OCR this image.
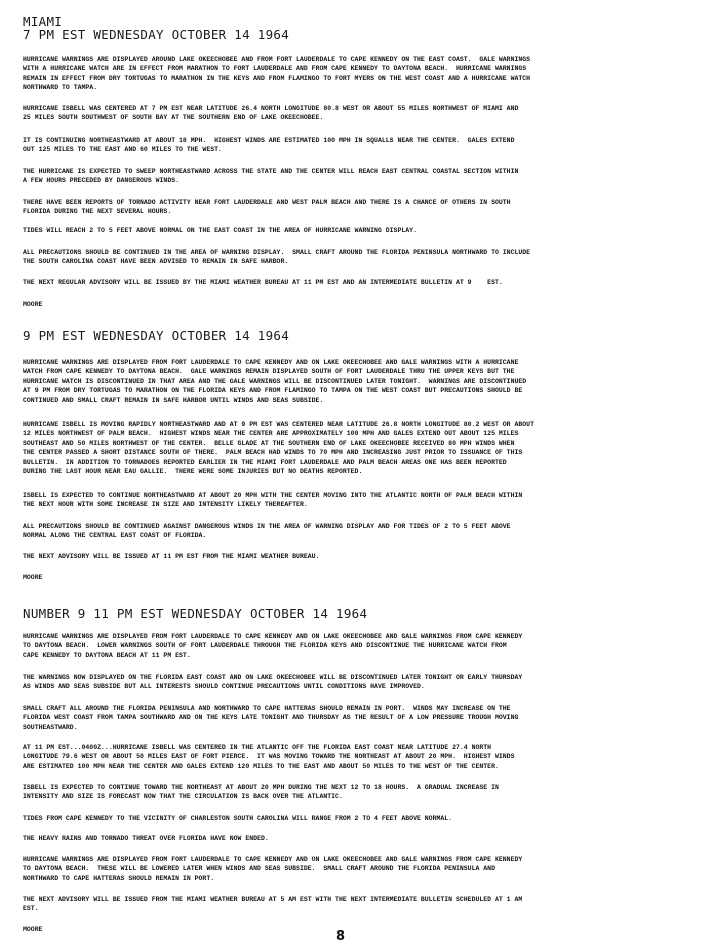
MIAMI
7 PM EST WEDNESDAY OCTOBER 14 1964
HURRICANE WARNINGS ARE DISPLAYED AROUND LAKE OKEECHOBEE AND FROM FORT LAUDERDALE TO CAPE KENNEDY ON THE EAST COAST.  GALE WARNINGS
WITH A HURRICANE WATCH ARE IN EFFECT FROM MARATHON TO FORT LAUDERDALE AND FROM CAPE KENNEDY TO DAYTONA BEACH.  HURRICANE WARNINGS
REMAIN IN EFFECT FROM DRY TORTUGAS TO MARATHON IN THE KEYS AND FROM FLAMINGO TO FORT MYERS ON THE WEST COAST AND A HURRICANE WATCH
NORTHWARD TO TAMPA.
HURRICANE ISBELL WAS CENTERED AT 7 PM EST NEAR LATITUDE 26.4 NORTH LONGITUDE 80.8 WEST OR ABOUT 55 MILES NORTHWEST OF MIAMI AND
25 MILES SOUTH SOUTHWEST OF SOUTH BAY AT THE SOUTHERN END OF LAKE OKEECHOBEE.
IT IS CONTINUING NORTHEASTWARD AT ABOUT 18 MPH.  HIGHEST WINDS ARE ESTIMATED 100 MPH IN SQUALLS NEAR THE CENTER.  GALES EXTEND
OUT 125 MILES TO THE EAST AND 60 MILES TO THE WEST.
THE HURRICANE IS EXPECTED TO SWEEP NORTHEASTWARD ACROSS THE STATE AND THE CENTER WILL REACH EAST CENTRAL COASTAL SECTION WITHIN
A FEW HOURS PRECEDED BY DANGEROUS WINDS.
THERE HAVE BEEN REPORTS OF TORNADO ACTIVITY NEAR FORT LAUDERDALE AND WEST PALM BEACH AND THERE IS A CHANCE OF OTHERS IN SOUTH
FLORIDA DURING THE NEXT SEVERAL HOURS.
TIDES WILL REACH 2 TO 5 FEET ABOVE NORMAL ON THE EAST COAST IN THE AREA OF HURRICANE WARNING DISPLAY.
ALL PRECAUTIONS SHOULD BE CONTINUED IN THE AREA OF WARNING DISPLAY.  SMALL CRAFT AROUND THE FLORIDA PENINSULA NORTHWARD TO INCLUDE
THE SOUTH CAROLINA COAST HAVE BEEN ADVISED TO REMAIN IN SAFE HARBOR.
THE NEXT REGULAR ADVISORY WILL BE ISSUED BY THE MIAMI WEATHER BUREAU AT 11 PM EST AND AN INTERMEDIATE BULLETIN AT 9    EST.
MOORE
9 PM EST WEDNESDAY OCTOBER 14 1964
HURRICANE WARNINGS ARE DISPLAYED FROM FORT LAUDERDALE TO CAPE KENNEDY AND ON LAKE OKEECHOBEE AND GALE WARNINGS WITH A HURRICANE
WATCH FROM CAPE KENNEDY TO DAYTONA BEACH.  GALE WARNINGS REMAIN DISPLAYED SOUTH OF FORT LAUDERDALE THRU THE UPPER KEYS BUT THE
HURRICANE WATCH IS DISCONTINUED IN THAT AREA AND THE GALE WARNINGS WILL BE DISCONTINUED LATER TONIGHT.  WARNINGS ARE DISCONTINUED
AT 9 PM FROM DRY TORTUGAS TO MARATHON ON THE FLORIDA KEYS AND FROM FLAMINGO TO TAMPA ON THE WEST COAST BUT PRECAUTIONS SHOULD BE
CONTINUED AND SMALL CRAFT REMAIN IN SAFE HARBOR UNTIL WINDS AND SEAS SUBSIDE.
HURRICANE ISBELL IS MOVING RAPIDLY NORTHEASTWARD AND AT 9 PM EST WAS CENTERED NEAR LATITUDE 26.8 NORTH LONGITUDE 80.2 WEST OR ABOUT
12 MILES NORTHWEST OF PALM BEACH.  HIGHEST WINDS NEAR THE CENTER ARE APPROXIMATELY 100 MPH AND GALES EXTEND OUT ABOUT 125 MILES
SOUTHEAST AND 50 MILES NORTHWEST OF THE CENTER.  BELLE GLADE AT THE SOUTHERN END OF LAKE OKEECHOBEE RECEIVED 80 MPH WINDS WHEN
THE CENTER PASSED A SHORT DISTANCE SOUTH OF THERE.  PALM BEACH HAD WINDS TO 70 MPH AND INCREASING JUST PRIOR TO ISSUANCE OF THIS
BULLETIN.  IN ADDITION TO TORNADOES REPORTED EARLIER IN THE MIAMI FORT LAUDERDALE AND PALM BEACH AREAS ONE HAS BEEN REPORTED
DURING THE LAST HOUR NEAR EAU GALLIE.  THERE WERE SOME INJURIES BUT NO DEATHS REPORTED.
ISBELL IS EXPECTED TO CONTINUE NORTHEASTWARD AT ABOUT 20 MPH WITH THE CENTER MOVING INTO THE ATLANTIC NORTH OF PALM BEACH WITHIN
THE NEXT HOUR WITH SOME INCREASE IN SIZE AND INTENSITY LIKELY THEREAFTER.
ALL PRECAUTIONS SHOULD BE CONTINUED AGAINST DANGEROUS WINDS IN THE AREA OF WARNING DISPLAY AND FOR TIDES OF 2 TO 5 FEET ABOVE
NORMAL ALONG THE CENTRAL EAST COAST OF FLORIDA.
THE NEXT ADVISORY WILL BE ISSUED AT 11 PM EST FROM THE MIAMI WEATHER BUREAU.
MOORE
NUMBER 9 11 PM EST WEDNESDAY OCTOBER 14 1964
HURRICANE WARNINGS ARE DISPLAYED FROM FORT LAUDERDALE TO CAPE KENNEDY AND ON LAKE OKEECHOBEE AND GALE WARNINGS FROM CAPE KENNEDY
TO DAYTONA BEACH.  LOWER WARNINGS SOUTH OF FORT LAUDERDALE THROUGH THE FLORIDA KEYS AND DISCONTINUE THE HURRICANE WATCH FROM
CAPE KENNEDY TO DAYTONA BEACH AT 11 PM EST.
THE WARNINGS NOW DISPLAYED ON THE FLORIDA EAST COAST AND ON LAKE OKEECHOBEE WILL BE DISCONTINUED LATER TONIGHT OR EARLY THURSDAY
AS WINDS AND SEAS SUBSIDE BUT ALL INTERESTS SHOULD CONTINUE PRECAUTIONS UNTIL CONDITIONS HAVE IMPROVED.
SMALL CRAFT ALL AROUND THE FLORIDA PENINSULA AND NORTHWARD TO CAPE HATTERAS SHOULD REMAIN IN PORT.  WINDS MAY INCREASE ON THE
FLORIDA WEST COAST FROM TAMPA SOUTHWARD AND ON THE KEYS LATE TONIGHT AND THURSDAY AS THE RESULT OF A LOW PRESSURE TROUGH MOVING
SOUTHEASTWARD.
AT 11 PM EST...0400Z...HURRICANE ISBELL WAS CENTERED IN THE ATLANTIC OFF THE FLORIDA EAST COAST NEAR LATITUDE 27.4 NORTH
LONGITUDE 79.6 WEST OR ABOUT 50 MILES EAST OF FORT PIERCE.  IT WAS MOVING TOWARD THE NORTHEAST AT ABOUT 20 MPH.  HIGHEST WINDS
ARE ESTIMATED 100 MPH NEAR THE CENTER AND GALES EXTEND 120 MILES TO THE EAST AND ABOUT 50 MILES TO THE WEST OF THE CENTER.
ISBELL IS EXPECTED TO CONTINUE TOWARD THE NORTHEAST AT ABOUT 20 MPH DURING THE NEXT 12 TO 18 HOURS.  A GRADUAL INCREASE IN
INTENSITY AND SIZE IS FORECAST NOW THAT THE CIRCULATION IS BACK OVER THE ATLANTIC.
TIDES FROM CAPE KENNEDY TO THE VICINITY OF CHARLESTON SOUTH CAROLINA WILL RANGE FROM 2 TO 4 FEET ABOVE NORMAL.
THE HEAVY RAINS AND TORNADO THREAT OVER FLORIDA HAVE NOW ENDED.
HURRICANE WARNINGS ARE DISPLAYED FROM FORT LAUDERDALE TO CAPE KENNEDY AND ON LAKE OKEECHOBEE AND GALE WARNINGS FROM CAPE KENNEDY
TO DAYTONA BEACH.  THESE WILL BE LOWERED LATER WHEN WINDS AND SEAS SUBSIDE.  SMALL CRAFT AROUND THE FLORIDA PENINSULA AND
NORTHWARD TO CAPE HATTERAS SHOULD REMAIN IN PORT.
THE NEXT ADVISORY WILL BE ISSUED FROM THE MIAMI WEATHER BUREAU AT 5 AM EST WITH THE NEXT INTERMEDIATE BULLETIN SCHEDULED AT 1 AM
EST.
MOORE	8
